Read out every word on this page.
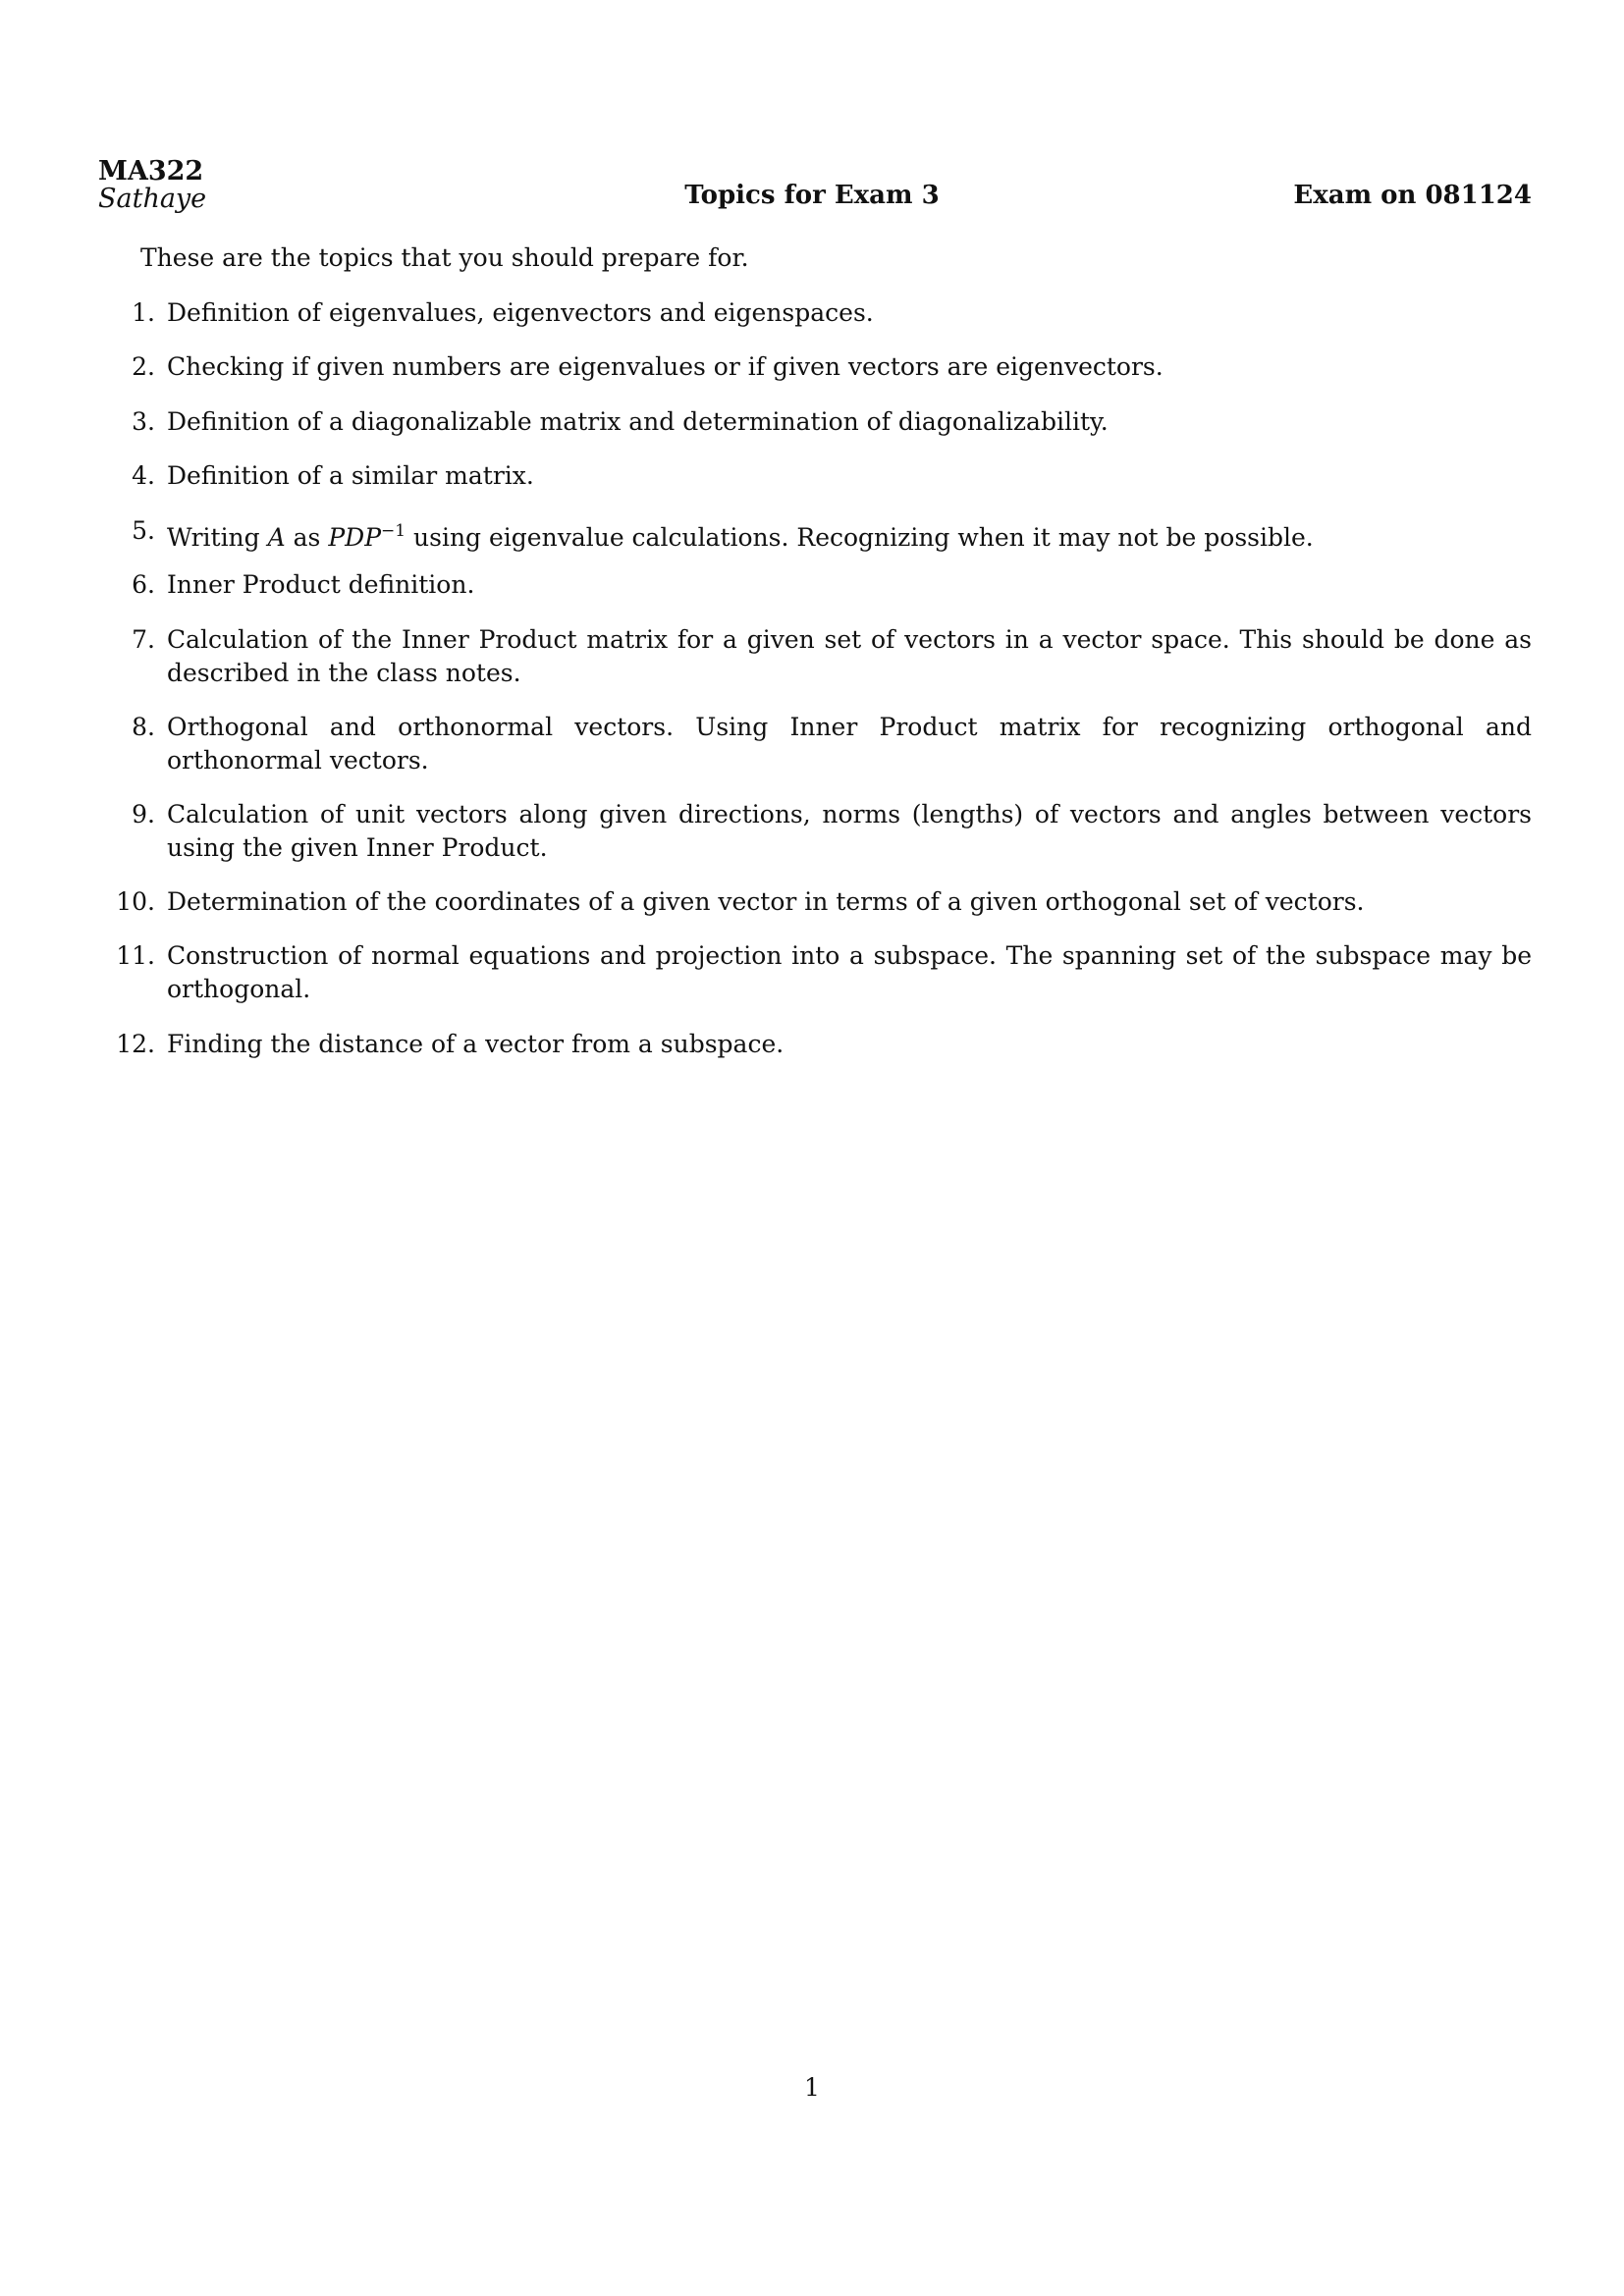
MA322
Sathaye	Topics for Exam 3	Exam on 081124
These are the topics that you should prepare for.
1. Definition of eigenvalues, eigenvectors and eigenspaces.
2. Checking if given numbers are eigenvalues or if given vectors are eigenvectors.
3. Definition of a diagonalizable matrix and determination of diagonalizability.
4. Definition of a similar matrix.
5. Writing A as $PDP^{-1}$ using eigenvalue calculations. Recognizing when it may not be possible.
6. Inner Product definition.
7. Calculation of the Inner Product matrix for a given set of vectors in a vector space. This should be done as described in the class notes.
8. Orthogonal and orthonormal vectors. Using Inner Product matrix for recognizing orthogonal and orthonormal vectors.
9. Calculation of unit vectors along given directions, norms (lengths) of vectors and angles between vectors using the given Inner Product.
10. Determination of the coordinates of a given vector in terms of a given orthogonal set of vectors.
11. Construction of normal equations and projection into a subspace. The spanning set of the subspace may be orthogonal.
12. Finding the distance of a vector from a subspace.
1
